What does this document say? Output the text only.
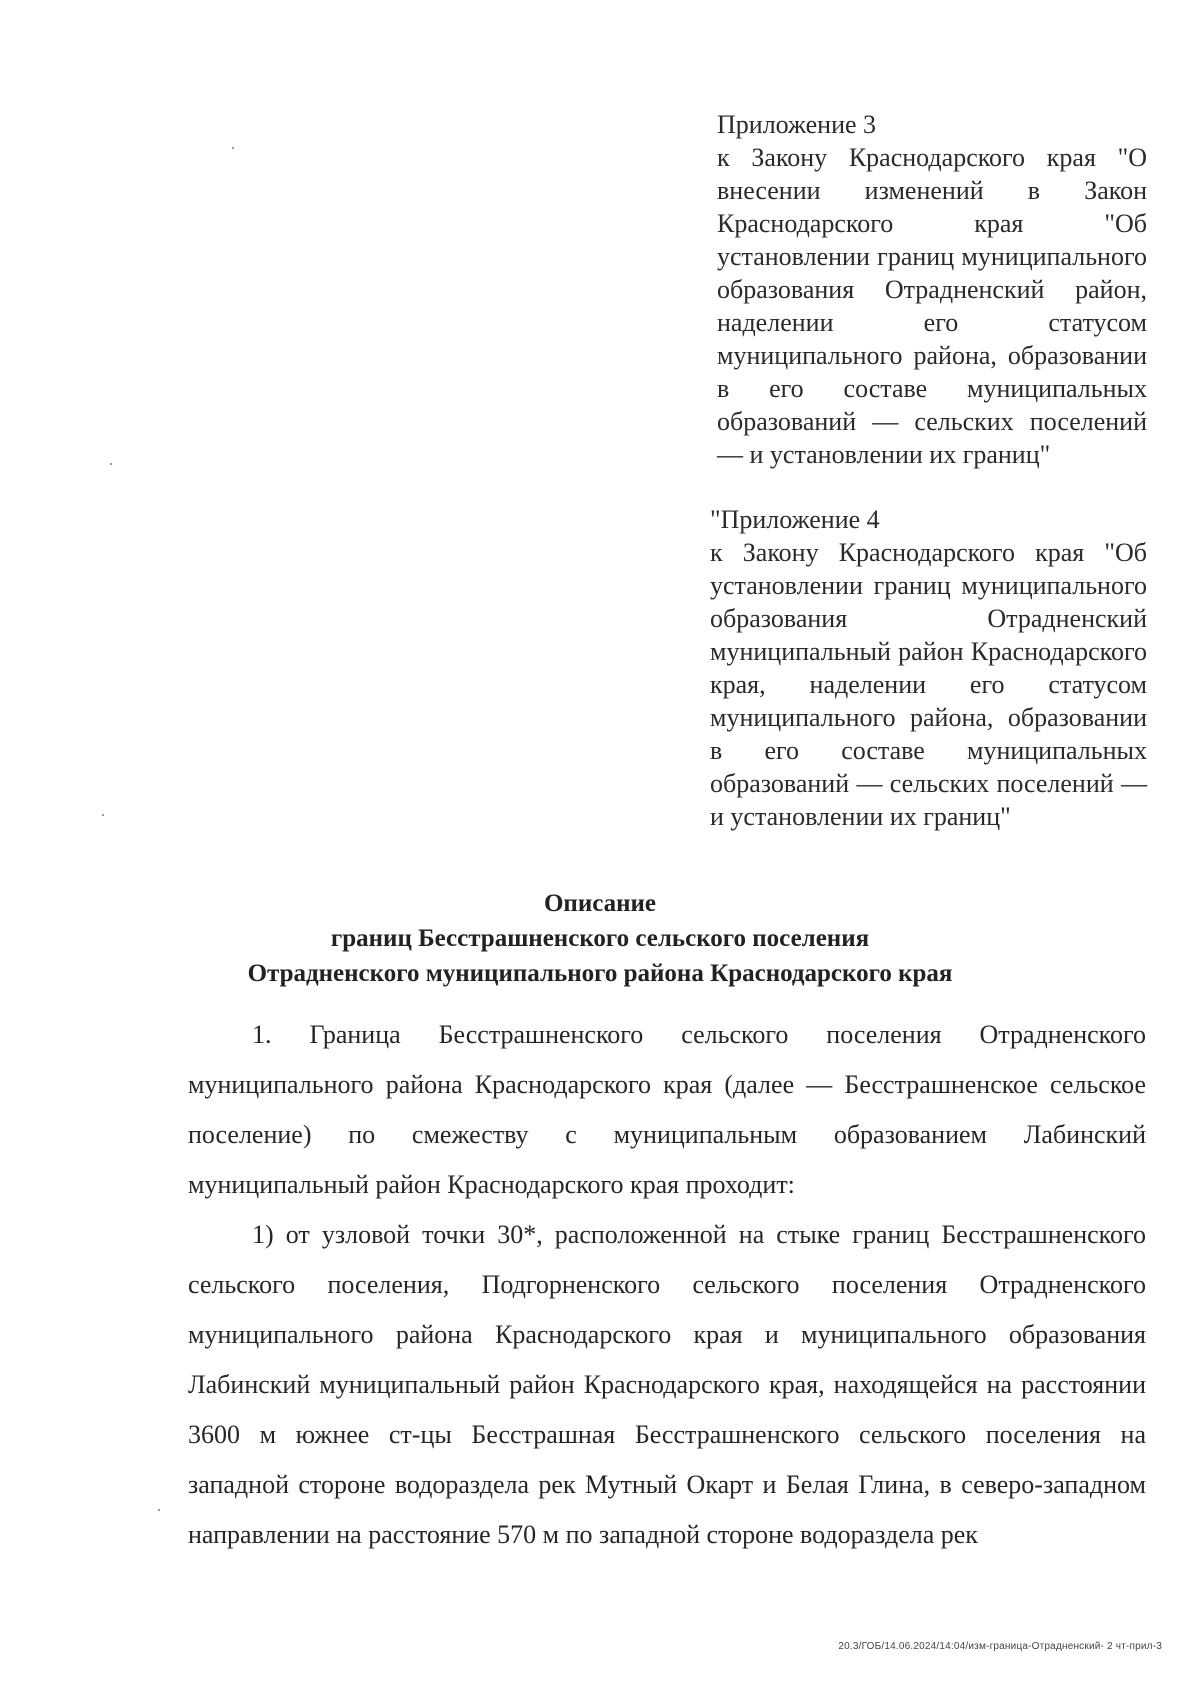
Приложение 3
к Закону Краснодарского края "О внесении изменений в Закон Краснодарского края "Об установлении границ муниципального образования Отрадненский район, наделении его статусом муниципального района, образовании в его составе муниципальных образований — сельских поселений — и установлении их границ"
"Приложение 4
к Закону Краснодарского края "Об установлении границ муниципального образования Отрадненский муниципальный район Краснодарского края, наделении его статусом муниципального района, образовании в его составе муниципальных образований — сельских поселений — и установлении их границ"
Описание
границ Бесстрашненского сельского поселения
Отрадненского муниципального района Краснодарского края

1. Граница Бесстрашненского сельского поселения Отрадненского муниципального района Краснодарского края (далее — Бесстрашненское сельское поселение) по смежеству с муниципальным образованием Лабинский муниципальный район Краснодарского края проходит:

1) от узловой точки 30*, расположенной на стыке границ Бесстрашненского сельского поселения, Подгорненского сельского поселения Отрадненского муниципального района Краснодарского края и муниципального образования Лабинский муниципальный район Краснодарского края, находящейся на расстоянии 3600 м южнее ст-цы Бесстрашная Бесстрашненского сельского поселения на западной стороне водораздела рек Мутный Окарт и Белая Глина, в северо-западном направлении на расстояние 570 м по западной стороне водораздела рек

20.3/ГОБ/14.06.2024/14:04/изм-граница-Отрадненский- 2 чт-прил-3
